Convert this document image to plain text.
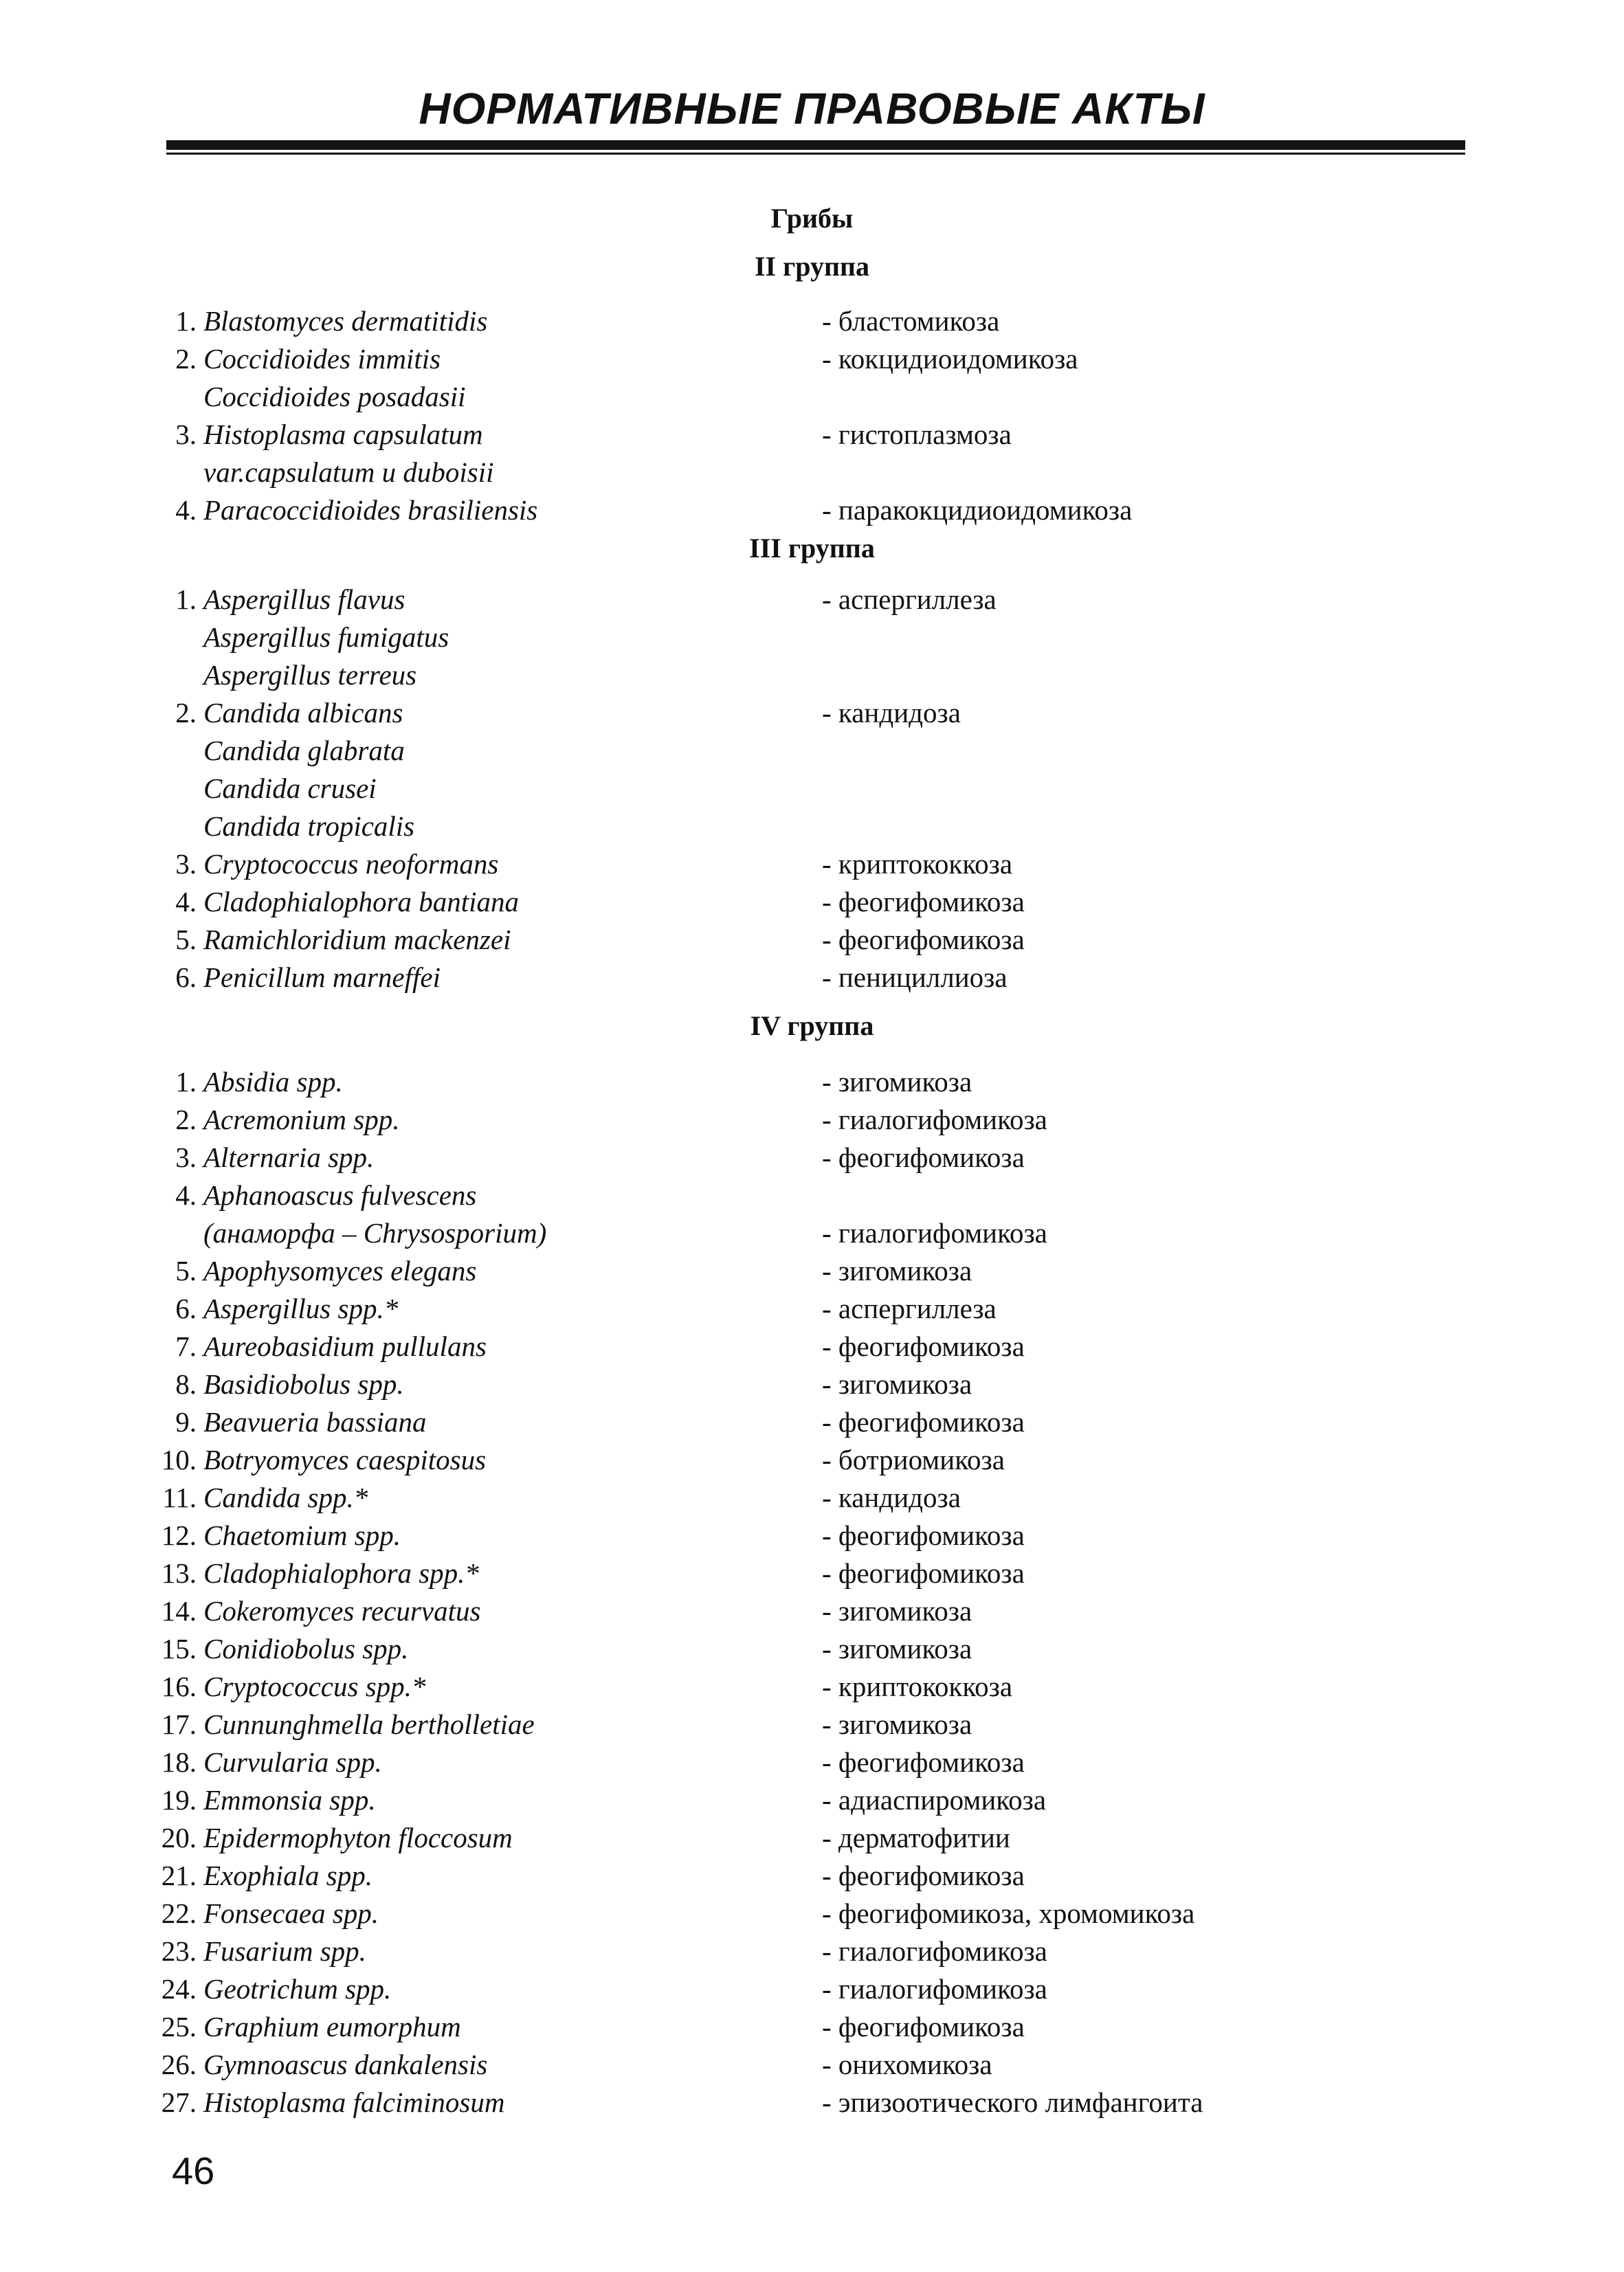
НОРМАТИВНЫЕ ПРАВОВЫЕ АКТЫ
Грибы
II группа
1. Blastomyces dermatitidis	- бластомикоза
2. Coccidioides immitis	- кокцидиоидомикоза
Coccidioides posadasii
3. Histoplasma capsulatum	- гистоплазмоза
var.capsulatum и duboisii
4. Paracoccidioides brasiliensis	- паракокцидиоидомикоза
III группа
1. Aspergillus flavus	- аспергиллеза
Aspergillus fumigatus
Aspergillus terreus
2. Candida albicans	- кандидоза
Candida glabrata
Candida crusei
Candida tropicalis
3. Cryptococcus neoformans	- криптококкоза
4. Cladophialophora bantiana	- феогифомикоза
5. Ramichloridium mackenzei	- феогифомикоза
6. Penicillum marneffei	- пенициллиоза
IV группа
1. Absidia spp.	- зигомикоза
2. Acremonium spp.	- гиалогифомикоза
3. Alternaria spp.	- феогифомикоза
4. Aphanoascus fulvescens
(анаморфа – Chrysosporium)	- гиалогифомикоза
5. Apophysomyces elegans	- зигомикоза
6. Aspergillus spp.*	- аспергиллеза
7. Aureobasidium pullulans	- феогифомикоза
8. Basidiobolus spp.	- зигомикоза
9. Beavueria bassiana	- феогифомикоза
10. Botryomyces caespitosus	- ботриомикоза
11. Candida spp.*	- кандидоза
12. Chaetomium spp.	- феогифомикоза
13. Cladophialophora spp.*	- феогифомикоза
14. Cokeromyces recurvatus	- зигомикоза
15. Conidiobolus spp.	- зигомикоза
16. Cryptococcus spp.*	- криптококкоза
17. Cunnunghmella bertholletiae	- зигомикоза
18. Curvularia spp.	- феогифомикоза
19. Emmonsia spp.	- адиаспиромикоза
20. Epidermophyton floccosum	- дерматофитии
21. Exophiala spp.	- феогифомикоза
22. Fonsecaea spp.	- феогифомикоза, хромомикоза
23. Fusarium spp.	- гиалогифомикоза
24. Geotrichum spp.	- гиалогифомикоза
25. Graphium eumorphum	- феогифомикоза
26. Gymnoascus dankalensis	- онихомикоза
27. Histoplasma falciminosum	- эпизоотического лимфангоита
46
